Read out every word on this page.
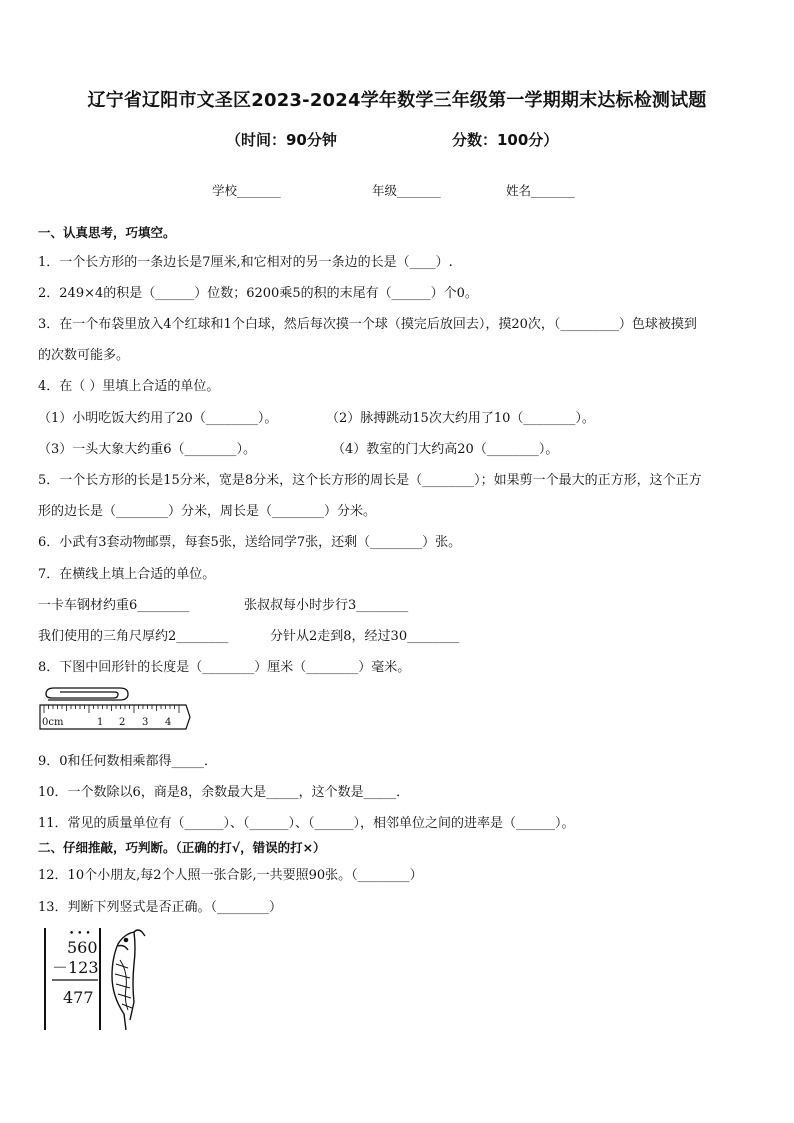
辽宁省辽阳市文圣区2023-2024学年数学三年级第一学期期末达标检测试题
（时间：90分钟	分数：100分）
学校_______	年级_______	姓名_______
一、认真思考，巧填空。
1．一个长方形的一条边长是7厘米,和它相对的另一条边的长是（____）.
2．249×4的积是（______）位数；6200乘5的积的末尾有（______）个0。
3．在一个布袋里放入4个红球和1个白球，然后每次摸一个球（摸完后放回去），摸20次，（_________）色球被摸到
的次数可能多。
4．在（ ）里填上合适的单位。
（1）小明吃饭大约用了20（________）。	（2）脉搏跳动15次大约用了10（________）。
（3）一头大象大约重6（________）。	（4）教室的门大约高20（________）。
5．一个长方形的长是15分米，宽是8分米，这个长方形的周长是（________）；如果剪一个最大的正方形，这个正方
形的边长是（________）分米，周长是（________）分米。
6．小武有3套动物邮票，每套5张，送给同学7张，还剩（________）张。
7．在横线上填上合适的单位。
一卡车钢材约重6________	张叔叔每小时步行3________
我们使用的三角尺厚约2________	分针从2走到8，经过30________
8．下图中回形针的长度是（________）厘米（________）毫米。
0cm	1 2 3 4
9．0和任何数相乘都得_____．
10．一个数除以6，商是8，余数最大是_____，这个数是_____．
11．常见的质量单位有（______）、（______）、（______），相邻单位之间的进率是（______）。
二、仔细推敲，巧判断。（正确的打√，错误的打×）
12．10个小朋友,每2个人照一张合影,一共要照90张。（________）
13．判断下列竖式是否正确。（________）
• • •
560
－123
477
